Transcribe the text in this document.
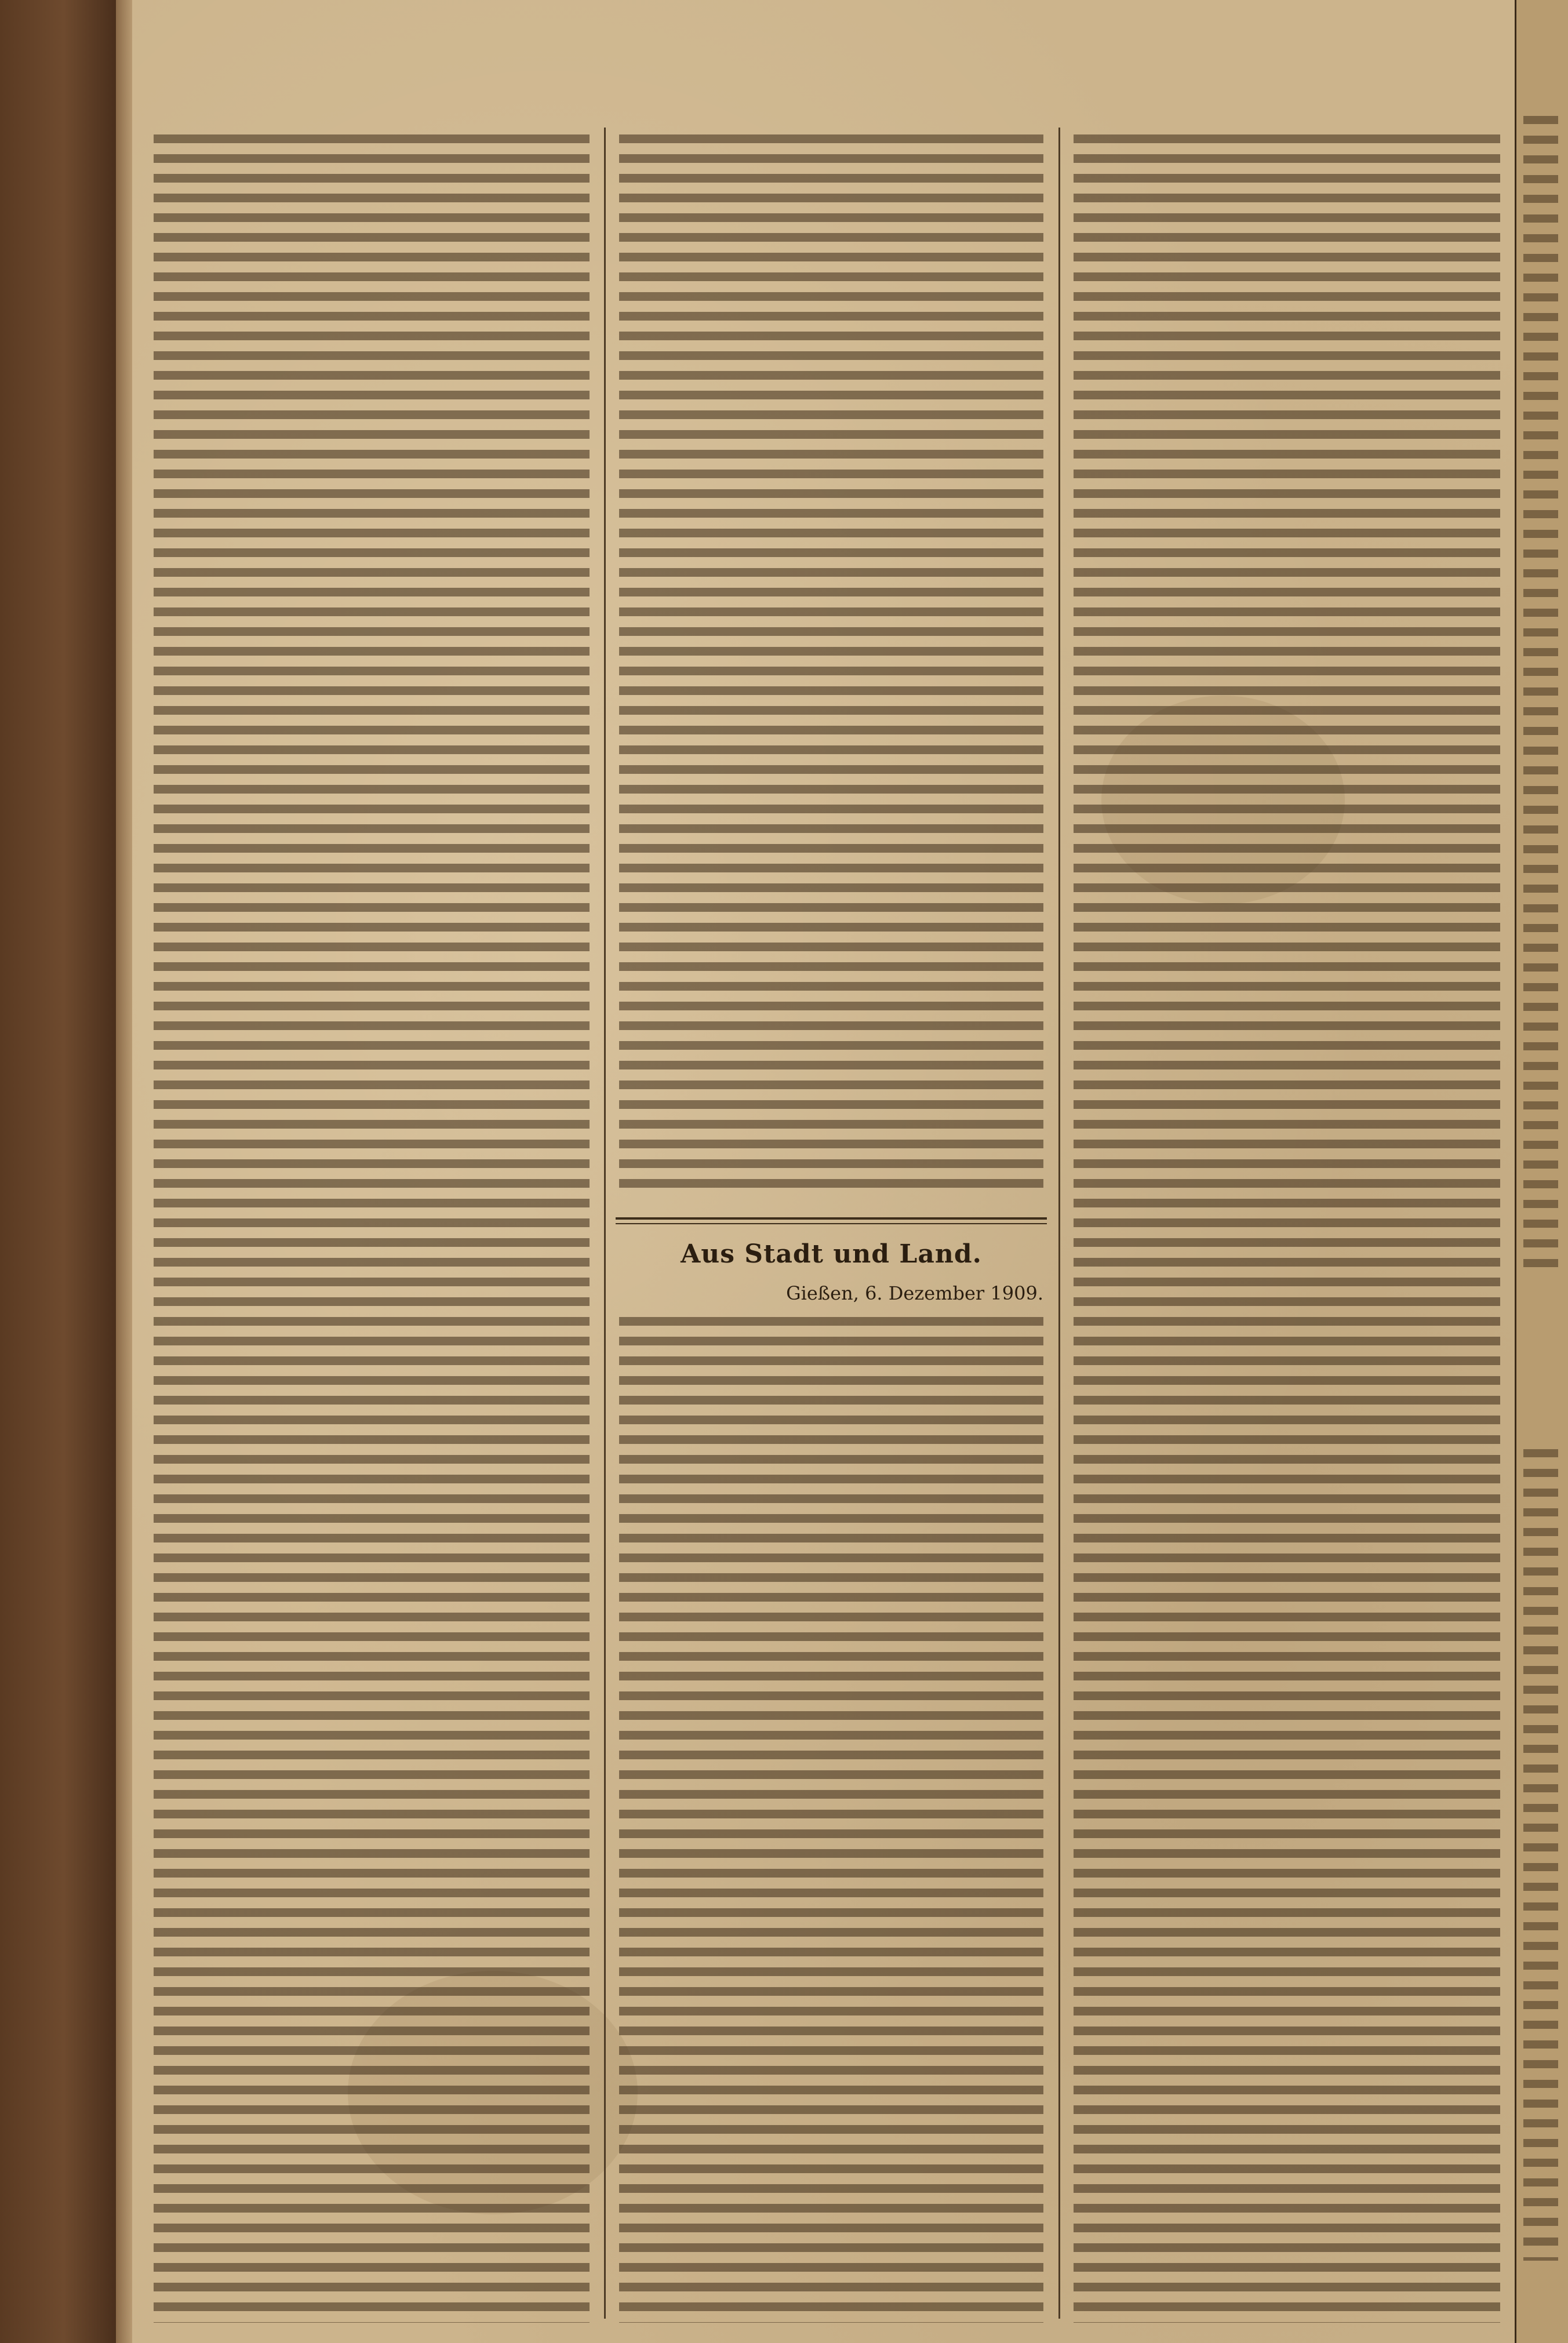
Aus Stadt und Land.
Gießen, 6. Dezember 1909.
